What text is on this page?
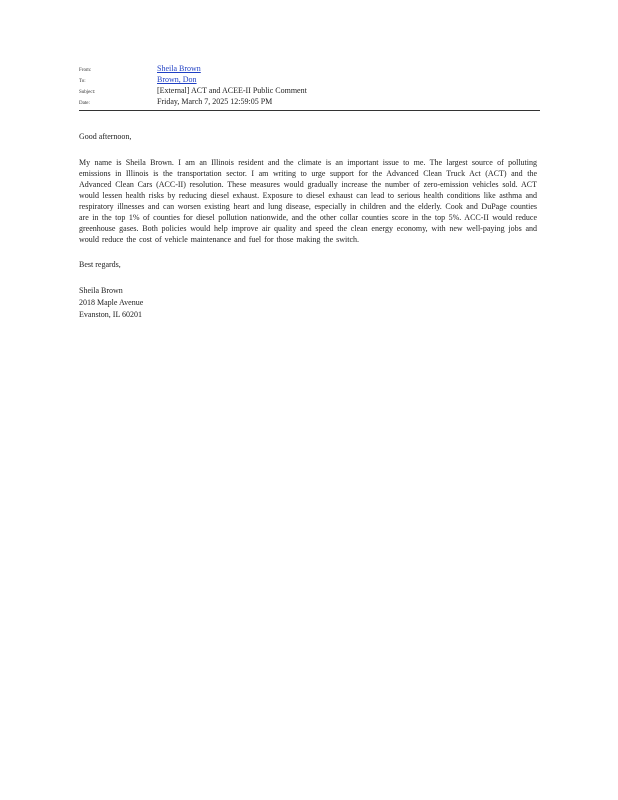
From:	Sheila Brown
To:	Brown, Don
Subject:	[External] ACT and ACEE-II Public Comment
Date:	Friday, March 7, 2025 12:59:05 PM

Good afternoon,

My name is Sheila Brown. I am an Illinois resident and the climate is an important issue to me. The largest source of polluting emissions in Illinois is the transportation sector. I am writing to urge support for the Advanced Clean Truck Act (ACT) and the Advanced Clean Cars (ACC-II) resolution. These measures would gradually increase the number of zero-emission vehicles sold. ACT would lessen health risks by reducing diesel exhaust. Exposure to diesel exhaust can lead to serious health conditions like asthma and respiratory illnesses and can worsen existing heart and lung disease, especially in children and the elderly. Cook and DuPage counties are in the top 1% of counties for diesel pollution nationwide, and the other collar counties score in the top 5%. ACC-II would reduce greenhouse gases. Both policies would help improve air quality and speed the clean energy economy, with new well-paying jobs and would reduce the cost of vehicle maintenance and fuel for those making the switch.

Best regards,

Sheila Brown
2018 Maple Avenue
Evanston, IL 60201
